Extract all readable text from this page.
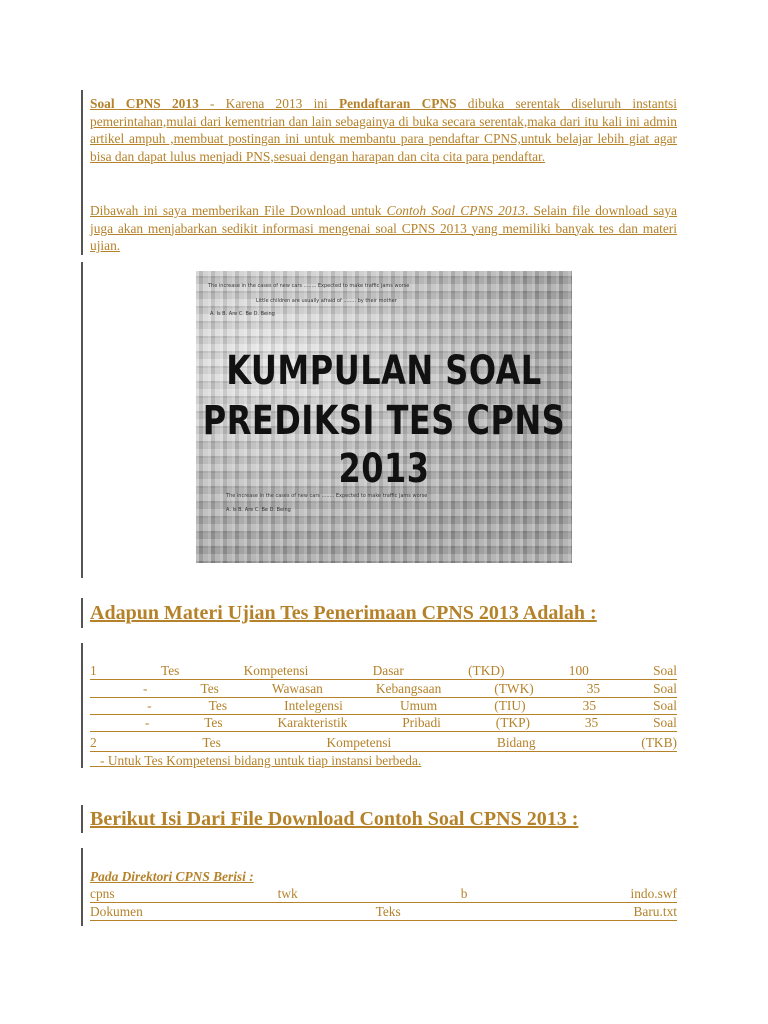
Soal CPNS 2013 - Karena 2013 ini Pendaftaran CPNS dibuka serentak diseluruh instantsi pemerintahan,mulai dari kementrian dan lain sebagainya di buka secara serentak,maka dari itu kali ini admin artikel ampuh ,membuat postingan ini untuk membantu para pendaftar CPNS,untuk belajar lebih giat agar bisa dan dapat lulus menjadi PNS,sesuai dengan harapan dan cita cita para pendaftar.
Dibawah ini saya memberikan File Download untuk Contoh Soal CPNS 2013. Selain file download saya juga akan menjabarkan sedikit informasi mengenai soal CPNS 2013 yang memiliki banyak tes dan materi ujian.
The increase in the cases of new cars ........ Expected to make traffic jams worse
Little children are usually afraid of ........ by their mother
A. Is B. Are C. Be D. Being
KUMPULAN SOAL
PREDIKSI TES CPNS
2013
The increase in the cases of new cars ........ Expected to make traffic jams worse
A. Is B. Are C. Be D. Being
Adapun Materi Ujian Tes Penerimaan CPNS 2013 Adalah :
1	Tes	Kompetensi	Dasar	(TKD)	100	Soal
-	Tes	Wawasan	Kebangsaan	(TWK)	35	Soal
-	Tes	Intelegensi	Umum	(TIU)	35	Soal
-	Tes	Karakteristik	Pribadi	(TKP)	35	Soal
2	Tes	Kompetensi	Bidang	(TKB)
- Untuk Tes Kompetensi bidang untuk tiap instansi berbeda.
Berikut Isi Dari File Download Contoh Soal CPNS 2013 :
Pada Direktori CPNS Berisi :
cpns	twk	b	indo.swf
Dokumen	Teks	Baru.txt
